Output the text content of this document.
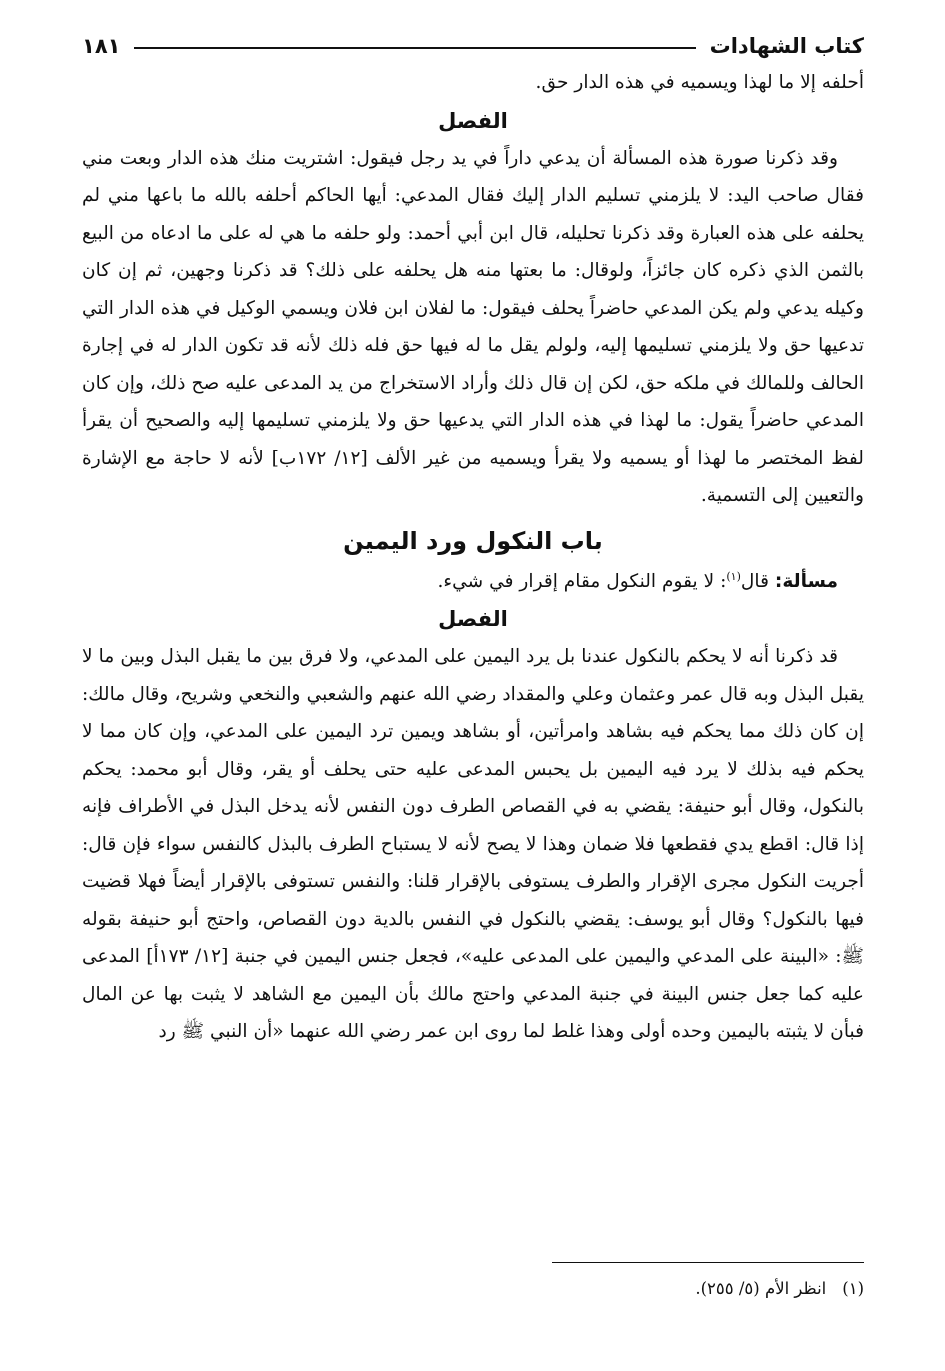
كتاب الشهادات
١٨١

أحلفه إلا ما لهذا ويسميه في هذه الدار حق.

الفصل

وقد ذكرنا صورة هذه المسألة أن يدعي داراً في يد رجل فيقول: اشتريت منك هذه الدار وبعت مني فقال صاحب اليد: لا يلزمني تسليم الدار إليك فقال المدعي: أيها الحاكم أحلفه بالله ما باعها مني لم يحلفه على هذه العبارة وقد ذكرنا تحليله، قال ابن أبي أحمد: ولو حلفه ما هي له على ما ادعاه من البيع بالثمن الذي ذكره كان جائزاً، ولوقال: ما بعتها منه هل يحلفه على ذلك؟ قد ذكرنا وجهين، ثم إن كان وكيله يدعي ولم يكن المدعي حاضراً يحلف فيقول: ما لفلان ابن فلان ويسمي الوكيل في هذه الدار التي تدعيها حق ولا يلزمني تسليمها إليه، ولولم يقل ما له فيها حق فله ذلك لأنه قد تكون الدار له في إجارة الحالف وللمالك في ملكه حق، لكن إن قال ذلك وأراد الاستخراج من يد المدعى عليه صح ذلك، وإن كان المدعي حاضراً يقول: ما لهذا في هذه الدار التي يدعيها حق ولا يلزمني تسليمها إليه والصحيح أن يقرأ لفظ المختصر ما لهذا أو يسميه ولا يقرأ ويسميه من غير الألف [١٢/ ١٧٢ب] لأنه لا حاجة مع الإشارة والتعيين إلى التسمية.

باب النكول ورد اليمين

مسألة: قال$^{(١)}$: لا يقوم النكول مقام إقرار في شيء.

الفصل

قد ذكرنا أنه لا يحكم بالنكول عندنا بل يرد اليمين على المدعي، ولا فرق بين ما يقبل البذل وبين ما لا يقبل البذل وبه قال عمر وعثمان وعلي والمقداد رضي الله عنهم والشعبي والنخعي وشريح، وقال مالك: إن كان ذلك مما يحكم فيه بشاهد وامرأتين، أو بشاهد ويمين ترد اليمين على المدعي، وإن كان مما لا يحكم فيه بذلك لا يرد فيه اليمين بل يحبس المدعى عليه حتى يحلف أو يقر، وقال أبو محمد: يحكم بالنكول، وقال أبو حنيفة: يقضي به في القصاص الطرف دون النفس لأنه يدخل البذل في الأطراف فإنه إذا قال: اقطع يدي فقطعها فلا ضمان وهذا لا يصح لأنه لا يستباح الطرف بالبذل كالنفس سواء فإن قال: أجريت النكول مجرى الإقرار والطرف يستوفى بالإقرار قلنا: والنفس تستوفى بالإقرار أيضاً فهلا قضيت فيها بالنكول؟ وقال أبو يوسف: يقضي بالنكول في النفس بالدية دون القصاص، واحتج أبو حنيفة بقوله ﷺ: «البينة على المدعي واليمين على المدعى عليه»، فجعل جنس اليمين في جنبة [١٢/ ١٧٣أ] المدعى عليه كما جعل جنس البينة في جنبة المدعي واحتج مالك بأن اليمين مع الشاهد لا يثبت بها عن المال فبأن لا يثبته باليمين وحده أولى وهذا غلط لما روى ابن عمر رضي الله عنهما «أن النبي ﷺ رد

(١)انظر الأم (٥/ ٢٥٥).
